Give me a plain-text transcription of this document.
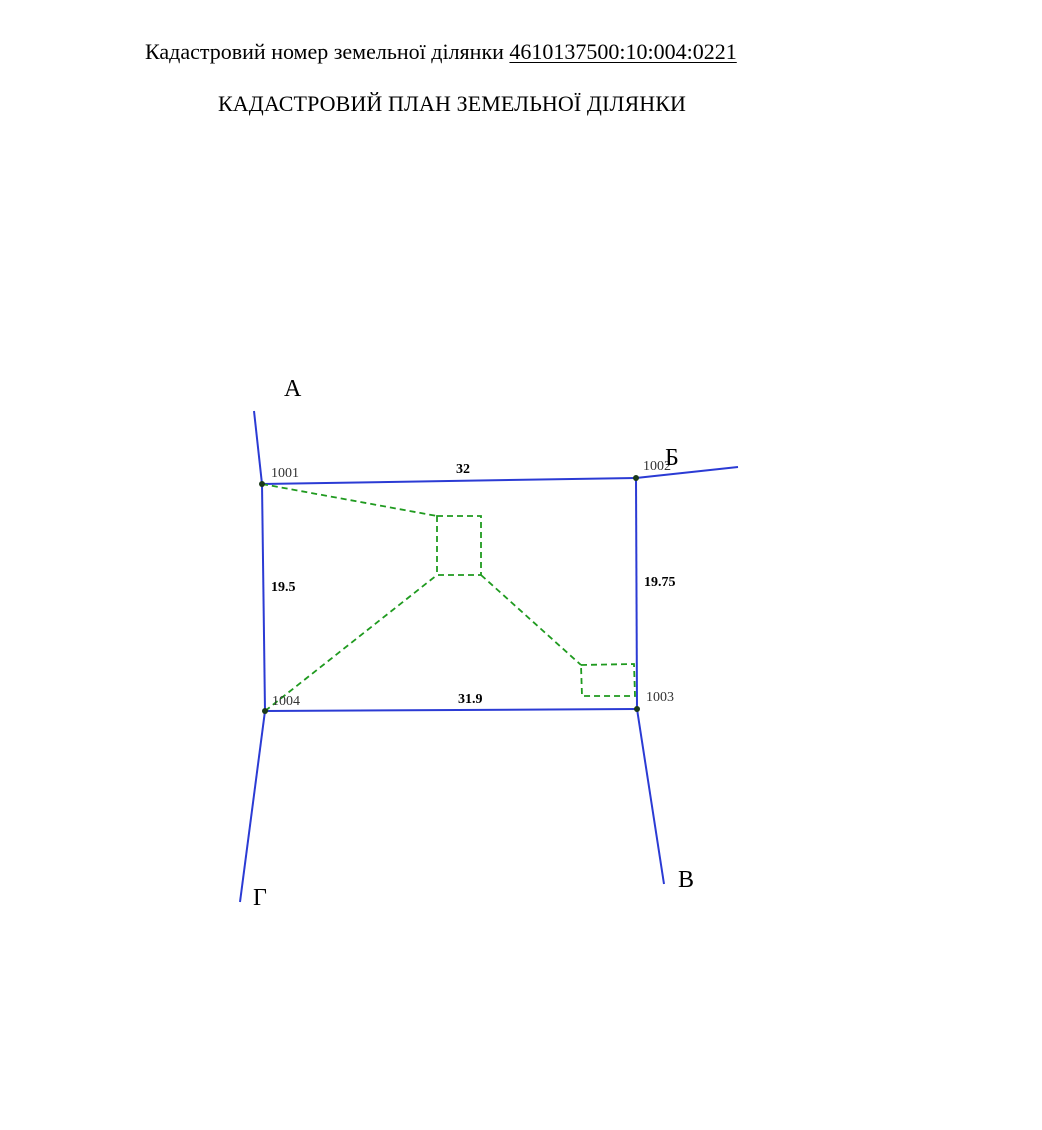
Кадастровий номер земельної ділянки 4610137500:10:004:0221
КАДАСТРОВИЙ ПЛАН ЗЕМЕЛЬНОЇ ДІЛЯНКИ
1001	1002
1003
1004
32
19.75
31.9
19.5
А
Б
В
Г
